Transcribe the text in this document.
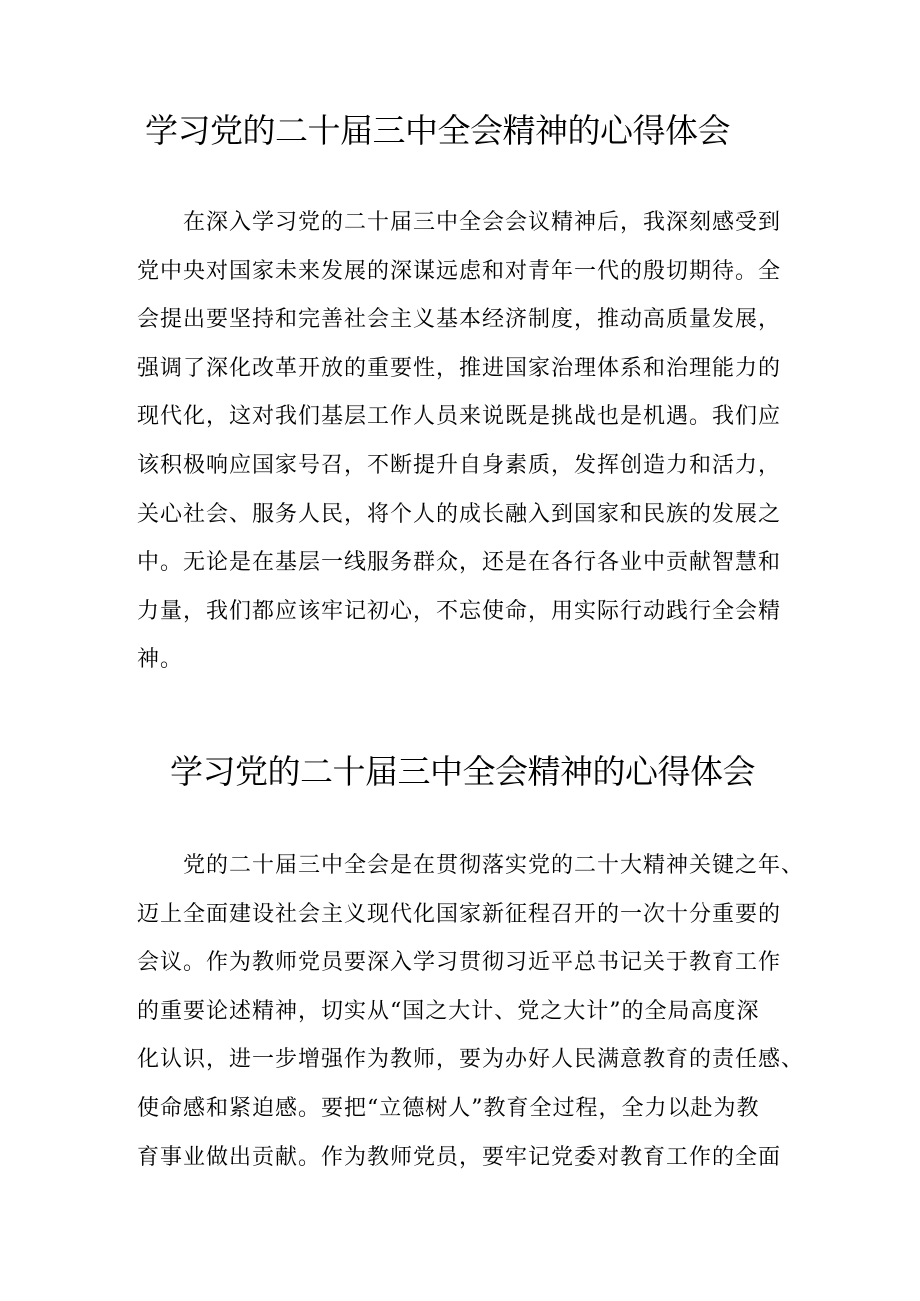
学习党的二十届三中全会精神的心得体会
在深入学习党的二十届三中全会会议精神后，我深刻感受到
党中央对国家未来发展的深谋远虑和对青年一代的殷切期待。全
会提出要坚持和完善社会主义基本经济制度，推动高质量发展，
强调了深化改革开放的重要性，推进国家治理体系和治理能力的
现代化，这对我们基层工作人员来说既是挑战也是机遇。我们应
该积极响应国家号召，不断提升自身素质，发挥创造力和活力，
关心社会、服务人民，将个人的成长融入到国家和民族的发展之
中。无论是在基层一线服务群众，还是在各行各业中贡献智慧和
力量，我们都应该牢记初心，不忘使命，用实际行动践行全会精
神。
学习党的二十届三中全会精神的心得体会
党的二十届三中全会是在贯彻落实党的二十大精神关键之年、
迈上全面建设社会主义现代化国家新征程召开的一次十分重要的
会议。作为教师党员要深入学习贯彻习近平总书记关于教育工作
的重要论述精神，切实从“国之大计、党之大计”的全局高度深
化认识，进一步增强作为教师，要为办好人民满意教育的责任感、
使命感和紧迫感。要把“立德树人”教育全过程，全力以赴为教
育事业做出贡献。作为教师党员，要牢记党委对教育工作的全面
